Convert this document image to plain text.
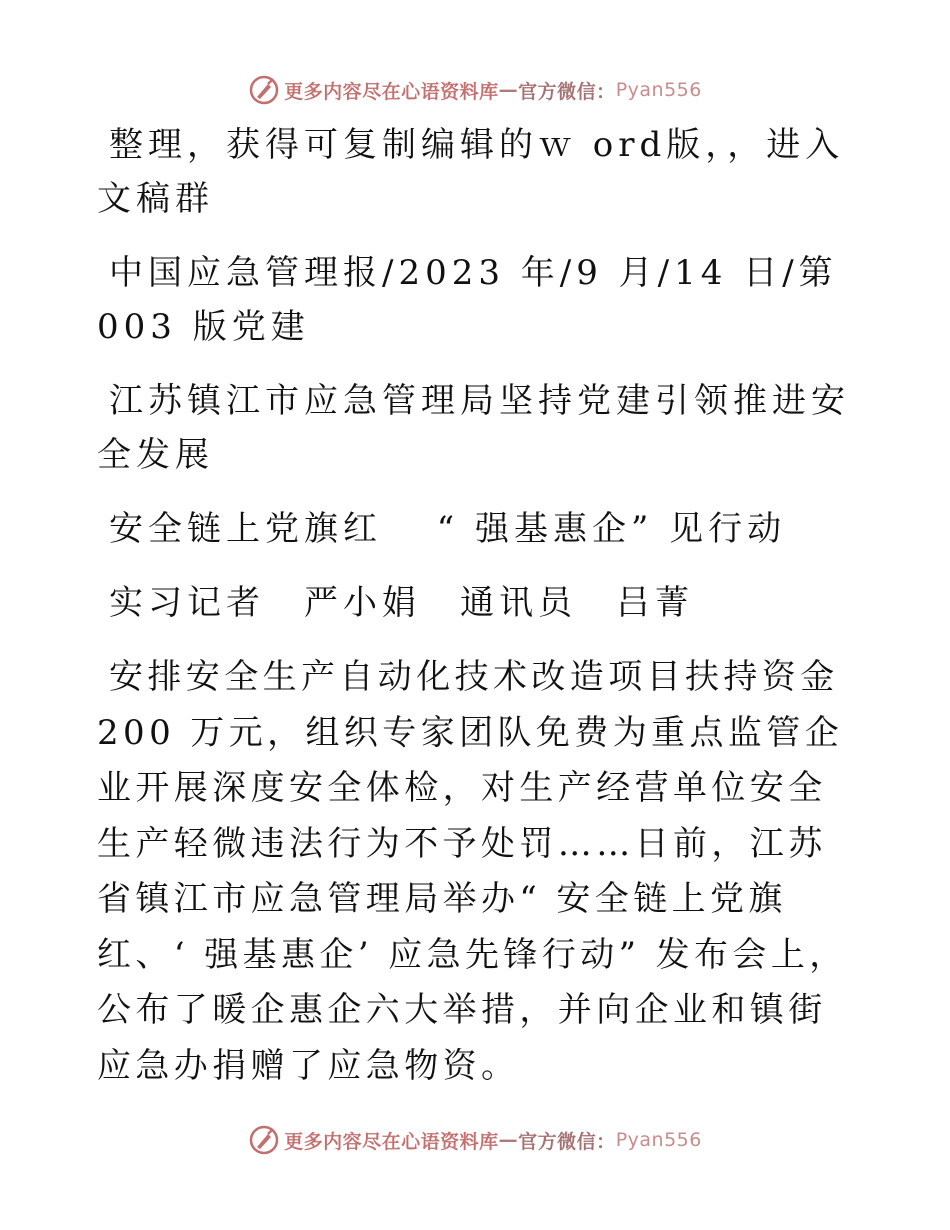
更多内容尽在心语资料库 — 官方微信： Pyan556

整理，获得可复制编辑的ｗ ord版，，进入文稿群

中国应急管理报/2023 年/9 月/14 日/第 003 版党建

江苏镇江市应急管理局坚持党建引领推进安全发展

安全链上党旗红　 “ 强基惠企” 见行动

实习记者　严小娟　通讯员　吕菁

安排安全生产自动化技术改造项目扶持资金 200 万元，组织专家团队免费为重点监管企业开展深度安全体检，对生产经营单位安全生产轻微违法行为不予处罚……日前，江苏省镇江市应急管理局举办“ 安全链上党旗红、‘ 强基惠企’ 应急先锋行动” 发布会上，公布了暖企惠企六大举措，并向企业和镇街应急办捐赠了应急物资。

更多内容尽在心语资料库 — 官方微信： Pyan556
